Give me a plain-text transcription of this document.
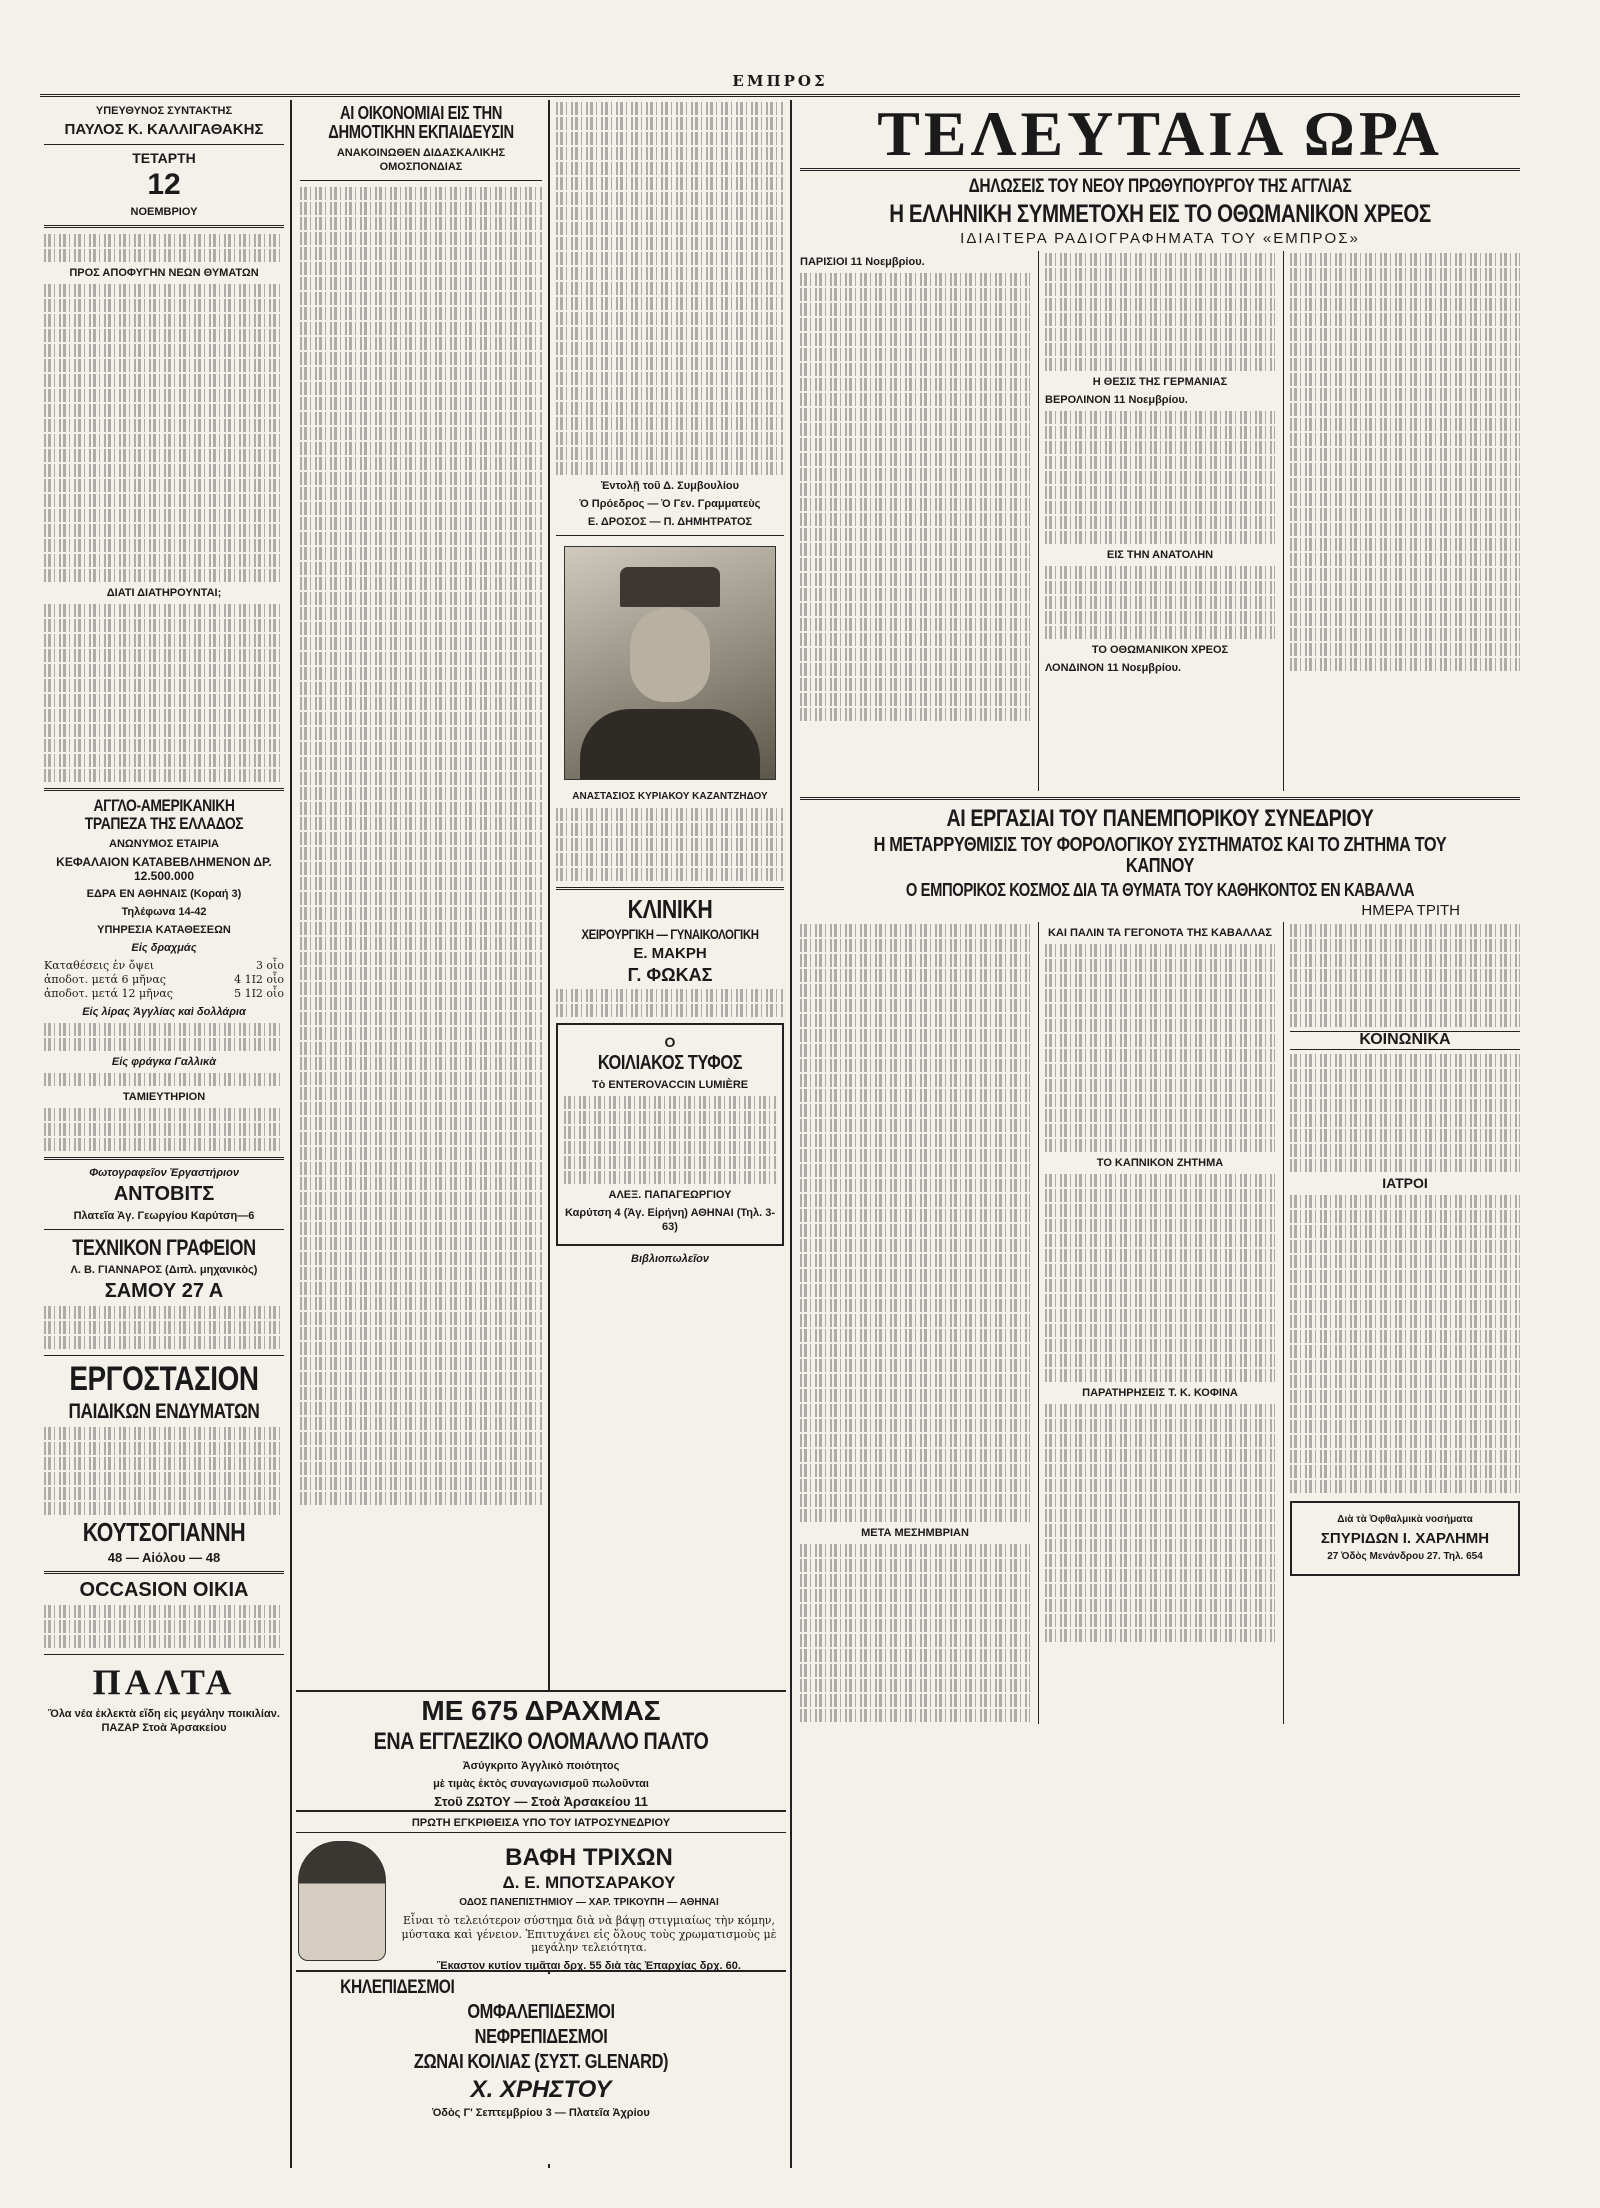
ΕΜΠΡΟΣ
ΥΠΕΥΘΥΝΟΣ ΣΥΝΤΑΚΤΗΣ
ΠΑΥΛΟΣ Κ. ΚΑΛΛΙΓΑΘΑΚΗΣ
ΤΕΤΑΡΤΗ
12
ΝΟΕΜΒΡΙΟΥ
ΠΡΟΣ ΑΠΟΦΥΓΗΝ ΝΕΩΝ ΘΥΜΑΤΩΝ
ΔΙΑΤΙ ΔΙΑΤΗΡΟΥΝΤΑΙ;
ΑΓΓΛΟ-ΑΜΕΡΙΚΑΝΙΚΗ ΤΡΑΠΕΖΑ ΤΗΣ ΕΛΛΑΔΟΣ
ΑΝΩΝΥΜΟΣ ΕΤΑΙΡΙΑ
ΚΕΦΑΛΑΙΟΝ ΚΑΤΑΒΕΒΛΗΜΕΝΟΝ ΔΡ. 12.500.000
ΕΔΡΑ ΕΝ ΑΘΗΝΑΙΣ (Κοραή 3)
Τηλέφωνα 14-42
ΥΠΗΡΕΣΙΑ ΚΑΤΑΘΕΣΕΩΝ
Εἰς δραχμάς
Καταθέσεις ἐν ὄψει	3 οἷο
ἀποδοτ. μετά 6 μῆνας	4 1Ι2 οἷο
ἀποδοτ. μετά 12 μῆνας	5 1Ι2 οἷο
Εἰς λίρας Ἀγγλίας καὶ δολλάρια
Εἰς φράγκα Γαλλικὰ
ΤΑΜΙΕΥΤΗΡΙΟΝ
Φωτογραφεῖον Ἐργαστήριον
ΑΝΤΟΒΙΤΣ
Πλατεῖα Ἁγ. Γεωργίου Καρύτση—6
ΤΕΧΝΙΚΟΝ ΓΡΑΦΕΙΟΝ
Λ. Β. ΓΙΑΝΝΑΡΟΣ (Διπλ. μηχανικὸς)
ΣΑΜΟΥ 27 Α
ΕΡΓΟΣΤΑΣΙΟΝ
ΠΑΙΔΙΚΩΝ ΕΝΔΥΜΑΤΩΝ
ΚΟΥΤΣΟΓΙΑΝΝΗ
48 — Αἰόλου — 48
OCCASION ΟΙΚΙΑ
ΠΑΛΤΑ
Ὅλα νέα ἐκλεκτὰ εἴδη εἰς μεγάλην ποικιλίαν. ΠΑΖΑΡ Στοὰ Ἀρσακείου
ΑΙ ΟΙΚΟΝΟΜΙΑΙ ΕΙΣ ΤΗΝ ΔΗΜΟΤΙΚΗΝ ΕΚΠΑΙΔΕΥΣΙΝ
ΑΝΑΚΟΙΝΩΘΕΝ ΔΙΔΑΣΚΑΛΙΚΗΣ ΟΜΟΣΠΟΝΔΙΑΣ
Ἐντολῇ τοῦ Δ. Συμβουλίου
Ὁ Πρόεδρος — Ὁ Γεν. Γραμματεὺς
Ε. ΔΡΟΣΟΣ — Π. ΔΗΜΗΤΡΑΤΟΣ
ΑΝΑΣΤΑΣΙΟΣ ΚΥΡΙΑΚΟΥ ΚΑΖΑΝΤΖΗΔΟΥ
ΚΛΙΝΙΚΗ
ΧΕΙΡΟΥΡΓΙΚΗ — ΓΥΝΑΙΚΟΛΟΓΙΚΗ
Ε. ΜΑΚΡΗ
Γ. ΦΩΚΑΣ
Ο
ΚΟΙΛΙΑΚΟΣ ΤΥΦΟΣ
Τὸ ENTEROVACCIN LUMIÈRE
ΑΛΕΞ. ΠΑΠΑΓΕΩΡΓΙΟΥ
Καρύτση 4 (Ἁγ. Εἰρήνη) ΑΘΗΝΑΙ (Τηλ. 3-63)
Βιβλιοπωλεῖον
ΜΕ 675 ΔΡΑΧΜΑΣ
ΕΝΑ ΕΓΓΛΕΖΙΚΟ ΟΛΟΜΑΛΛΟ ΠΑΛΤΟ
Ἀσύγκριτο Ἀγγλικὸ ποιότητος
μὲ τιμὰς ἐκτὸς συναγωνισμοῦ πωλοῦνται
Στοῦ ΖΩΤΟΥ — Στοὰ Ἀρσακείου 11
ΠΡΩΤΗ ΕΓΚΡΙΘΕΙΣΑ ΥΠΟ ΤΟΥ ΙΑΤΡΟΣΥΝΕΔΡΙΟΥ
ΒΑΦΗ ΤΡΙΧΩΝ
Δ. Ε. ΜΠΟΤΣΑΡΑΚΟΥ
ΟΔΟΣ ΠΑΝΕΠΙΣΤΗΜΙΟΥ — ΧΑΡ. ΤΡΙΚΟΥΠΗ — ΑΘΗΝΑΙ
Εἶναι τὸ τελειότερον σύστημα διὰ νὰ βάψῃ στιγμιαίως τὴν κόμην, μύστακα καὶ γένειον. Ἐπιτυχάνει εἰς ὅλους τοὺς χρωματισμοὺς μὲ μεγάλην τελειότητα.
Ἕκαστον κυτίον τιμᾶται δρχ. 55 διὰ τὰς Ἐπαρχίας δρχ. 60.
ΚΗΛΕΠΙΔΕΣΜΟΙ
ΟΜΦΑΛΕΠΙΔΕΣΜΟΙ
ΝΕΦΡΕΠΙΔΕΣΜΟΙ
ΖΩΝΑΙ ΚΟΙΛΙΑΣ (ΣΥΣΤ. GLENARD)
Χ. ΧΡΗΣΤΟΥ
Ὁδὸς Γ' Σεπτεμβρίου 3 — Πλατεῖα Ἀχρίου
ΤΕΛΕΥΤΑΙΑ ΩΡΑ
ΔΗΛΩΣΕΙΣ ΤΟΥ ΝΕΟΥ ΠΡΩΘΥΠΟΥΡΓΟΥ ΤΗΣ ΑΓΓΛΙΑΣ
Η ΕΛΛΗΝΙΚΗ ΣΥΜΜΕΤΟΧΗ ΕΙΣ ΤΟ ΟΘΩΜΑΝΙΚΟΝ ΧΡΕΟΣ
ΙΔΙΑΙΤΕΡΑ ΡΑΔΙΟΓΡΑΦΗΜΑΤΑ ΤΟΥ «ΕΜΠΡΟΣ»
ΠΑΡΙΣΙΟΙ 11 Νοεμβρίου.
Η ΘΕΣΙΣ ΤΗΣ ΓΕΡΜΑΝΙΑΣ
ΒΕΡΟΛΙΝΟΝ 11 Νοεμβρίου.
ΕΙΣ ΤΗΝ ΑΝΑΤΟΛΗΝ
ΤΟ ΟΘΩΜΑΝΙΚΟΝ ΧΡΕΟΣ
ΛΟΝΔΙΝΟΝ 11 Νοεμβρίου.
ΑΙ ΕΡΓΑΣΙΑΙ ΤΟΥ ΠΑΝΕΜΠΟΡΙΚΟΥ ΣΥΝΕΔΡΙΟΥ
Η ΜΕΤΑΡΡΥΘΜΙΣΙΣ ΤΟΥ ΦΟΡΟΛΟΓΙΚΟΥ ΣΥΣΤΗΜΑΤΟΣ ΚΑΙ ΤΟ ΖΗΤΗΜΑ ΤΟΥ ΚΑΠΝΟΥ
Ο ΕΜΠΟΡΙΚΟΣ ΚΟΣΜΟΣ ΔΙΑ ΤΑ ΘΥΜΑΤΑ ΤΟΥ ΚΑΘΗΚΟΝΤΟΣ ΕΝ ΚΑΒΑΛΛΑ
ΗΜΕΡΑ ΤΡΙΤΗ
ΜΕΤΑ ΜΕΣΗΜΒΡΙΑΝ
ΚΑΙ ΠΑΛΙΝ ΤΑ ΓΕΓΟΝΟΤΑ ΤΗΣ ΚΑΒΑΛΛΑΣ
ΤΟ ΚΑΠΝΙΚΟΝ ΖΗΤΗΜΑ
ΠΑΡΑΤΗΡΗΣΕΙΣ Τ. Κ. ΚΟΦΙΝΑ
ΚΟΙΝΩΝΙΚΑ
ΙΑΤΡΟΙ
Διὰ τὰ Ὀφθαλμικὰ νοσήματα
ΣΠΥΡΙΔΩΝ Ι. ΧΑΡΛΗΜΗ
27 Ὁδὸς Μενάνδρου 27. Τηλ. 654
